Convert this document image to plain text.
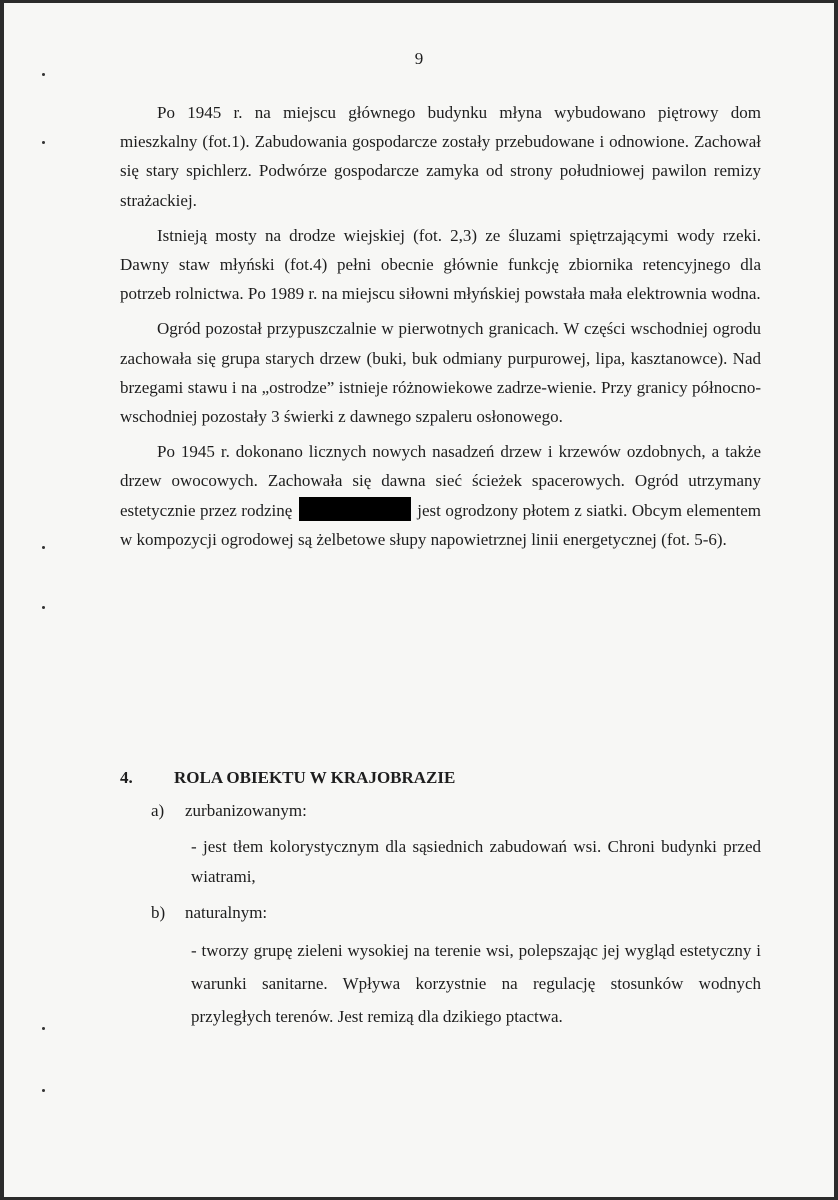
9

Po 1945 r. na miejscu głównego budynku młyna wybudowano piętrowy dom mieszkalny (fot.1). Zabudowania gospodarcze zostały przebudowane i odnowione. Zachował się stary spichlerz. Podwórze gospodarcze zamyka od strony południowej pawilon remizy strażackiej.

Istnieją mosty na drodze wiejskiej (fot. 2,3) ze śluzami spiętrzającymi wody rzeki. Dawny staw młyński (fot.4) pełni obecnie głównie funkcję zbiornika retencyjnego dla potrzeb rolnictwa. Po 1989 r. na miejscu siłowni młyńskiej powstała mała elektrownia wodna.

Ogród pozostał przypuszczalnie w pierwotnych granicach. W części wschodniej ogrodu zachowała się grupa starych drzew (buki, buk odmiany purpurowej, lipa, kasztanowce). Nad brzegami stawu i na „ostrodze” istnieje różnowiekowe zadrze-wienie. Przy granicy północno-wschodniej pozostały 3 świerki z dawnego szpaleru osłonowego.

Po 1945 r. dokonano licznych nowych nasadzeń drzew i krzewów ozdobnych, a także drzew owocowych. Zachowała się dawna sieć ścieżek spacerowych. Ogród utrzymany estetycznie przez rodzinę	jest ogrodzony płotem z siatki. Obcym elementem w kompozycji ogrodowej są żelbetowe słupy napowietrznej linii energetycznej (fot. 5-6).

4. ROLA OBIEKTU W KRAJOBRAZIE
a) zurbanizowanym:
- jest tłem kolorystycznym dla sąsiednich zabudowań wsi. Chroni budynki przed wiatrami,
b) naturalnym:
- tworzy grupę zieleni wysokiej na terenie wsi, polepszając jej wygląd estetyczny i warunki sanitarne. Wpływa korzystnie na regulację stosunków wodnych przyległych terenów. Jest remizą dla dzikiego ptactwa.
